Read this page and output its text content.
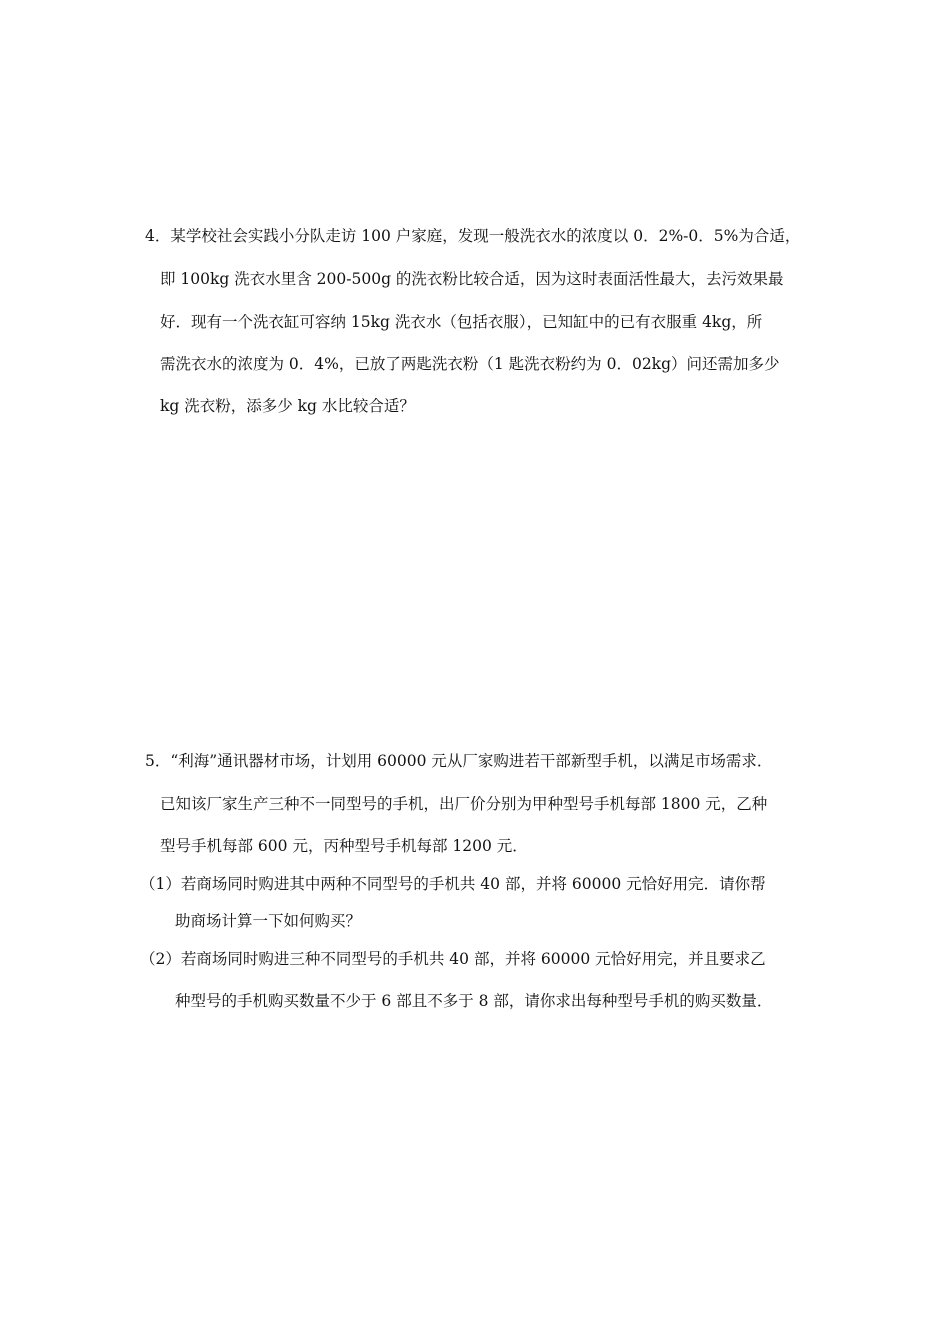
4．某学校社会实践小分队走访 100 户家庭，发现一般洗衣水的浓度以 0．2%-0．5%为合适，
即 100kg 洗衣水里含 200-500g 的洗衣粉比较合适，因为这时表面活性最大，去污效果最
好．现有一个洗衣缸可容纳 15kg 洗衣水（包括衣服），已知缸中的已有衣服重 4kg，所
需洗衣水的浓度为 0．4%，已放了两匙洗衣粉（1 匙洗衣粉约为 0．02kg）问还需加多少
kg 洗衣粉，添多少 kg 水比较合适？
5．“利海”通讯器材市场，计划用 60000 元从厂家购进若干部新型手机，以满足市场需求．
已知该厂家生产三种不一同型号的手机，出厂价分别为甲种型号手机每部 1800 元，乙种
型号手机每部 600 元，丙种型号手机每部 1200 元．
（1）若商场同时购进其中两种不同型号的手机共 40 部，并将 60000 元恰好用完．请你帮
助商场计算一下如何购买？
（2）若商场同时购进三种不同型号的手机共 40 部，并将 60000 元恰好用完，并且要求乙
种型号的手机购买数量不少于 6 部且不多于 8 部，请你求出每种型号手机的购买数量．
